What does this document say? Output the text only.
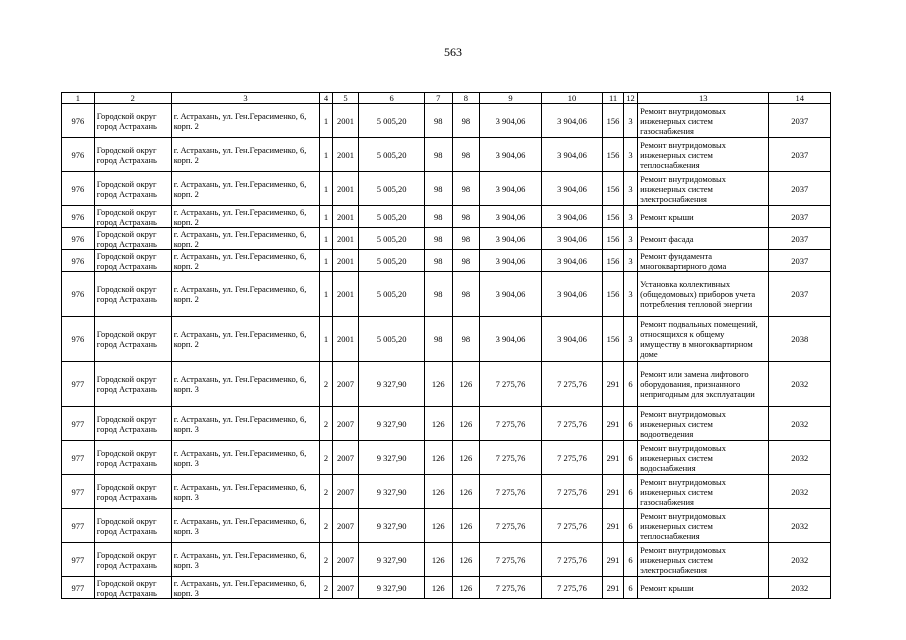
563
1	2	3	4	5	6	7	8	9	10	11	12	13	14
976	Городской округ город Астрахань	г. Астрахань, ул. Ген.Герасименко, 6, корп. 2	1	2001	5 005,20	98	98	3 904,06	3 904,06	156	3	Ремонт внутридомовых инженерных систем газоснабжения	2037
976	Городской округ город Астрахань	г. Астрахань, ул. Ген.Герасименко, 6, корп. 2	1	2001	5 005,20	98	98	3 904,06	3 904,06	156	3	Ремонт внутридомовых инженерных систем теплоснабжения	2037
976	Городской округ город Астрахань	г. Астрахань, ул. Ген.Герасименко, 6, корп. 2	1	2001	5 005,20	98	98	3 904,06	3 904,06	156	3	Ремонт внутридомовых инженерных систем электроснабжения	2037
976	Городской округ город Астрахань	г. Астрахань, ул. Ген.Герасименко, 6, корп. 2	1	2001	5 005,20	98	98	3 904,06	3 904,06	156	3	Ремонт крыши	2037
976	Городской округ город Астрахань	г. Астрахань, ул. Ген.Герасименко, 6, корп. 2	1	2001	5 005,20	98	98	3 904,06	3 904,06	156	3	Ремонт фасада	2037
976	Городской округ город Астрахань	г. Астрахань, ул. Ген.Герасименко, 6, корп. 2	1	2001	5 005,20	98	98	3 904,06	3 904,06	156	3	Ремонт фундамента многоквартирного дома	2037
976	Городской округ город Астрахань	г. Астрахань, ул. Ген.Герасименко, 6, корп. 2	1	2001	5 005,20	98	98	3 904,06	3 904,06	156	3	Установка коллективных (общедомовых) приборов учета потребления тепловой энергии	2037
976	Городской округ город Астрахань	г. Астрахань, ул. Ген.Герасименко, 6, корп. 2	1	2001	5 005,20	98	98	3 904,06	3 904,06	156	3	Ремонт подвальных помещений, относящихся к общему имуществу в многоквартирном доме	2038
977	Городской округ город Астрахань	г. Астрахань, ул. Ген.Герасименко, 6, корп. 3	2	2007	9 327,90	126	126	7 275,76	7 275,76	291	6	Ремонт или замена лифтового оборудования, признанного непригодным для эксплуатации	2032
977	Городской округ город Астрахань	г. Астрахань, ул. Ген.Герасименко, 6, корп. 3	2	2007	9 327,90	126	126	7 275,76	7 275,76	291	6	Ремонт внутридомовых инженерных систем водоотведения	2032
977	Городской округ город Астрахань	г. Астрахань, ул. Ген.Герасименко, 6, корп. 3	2	2007	9 327,90	126	126	7 275,76	7 275,76	291	6	Ремонт внутридомовых инженерных систем водоснабжения	2032
977	Городской округ город Астрахань	г. Астрахань, ул. Ген.Герасименко, 6, корп. 3	2	2007	9 327,90	126	126	7 275,76	7 275,76	291	6	Ремонт внутридомовых инженерных систем газоснабжения	2032
977	Городской округ город Астрахань	г. Астрахань, ул. Ген.Герасименко, 6, корп. 3	2	2007	9 327,90	126	126	7 275,76	7 275,76	291	6	Ремонт внутридомовых инженерных систем теплоснабжения	2032
977	Городской округ город Астрахань	г. Астрахань, ул. Ген.Герасименко, 6, корп. 3	2	2007	9 327,90	126	126	7 275,76	7 275,76	291	6	Ремонт внутридомовых инженерных систем электроснабжения	2032
977	Городской округ город Астрахань	г. Астрахань, ул. Ген.Герасименко, 6, корп. 3	2	2007	9 327,90	126	126	7 275,76	7 275,76	291	6	Ремонт крыши	2032
